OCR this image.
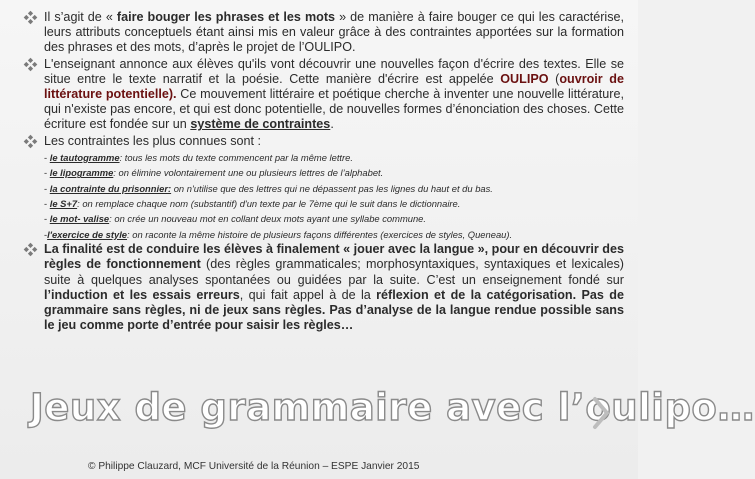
Il s’agit de « faire bouger les phrases et les mots » de manière à faire bouger ce qui les caractérise, leurs attributs conceptuels étant ainsi mis en valeur grâce à des contraintes apportées sur la formation des phrases et des mots, d’après le projet de l’OULIPO.

L'enseignant annonce aux élèves qu'ils vont découvrir une nouvelles façon d'écrire des textes. Elle se situe entre le texte narratif et la poésie. Cette manière d'écrire est appelée OULIPO (ouvroir de littérature potentielle). Ce mouvement littéraire et poétique cherche à inventer une nouvelle littérature, qui n'existe pas encore, et qui est donc potentielle, de nouvelles formes d’énonciation des choses. Cette écriture est fondée sur un système de contraintes.

Les contraintes les plus connues sont :

- le tautogramme: tous les mots du texte commencent par la même lettre.
- le lipogramme: on élimine volontairement une ou plusieurs lettres de l’alphabet.
- la contrainte du prisonnier: on n'utilise que des lettres qui ne dépassent pas les lignes du haut et du bas.
- le S+7: on remplace chaque nom (substantif) d'un texte par le 7ème qui le suit dans le dictionnaire.
- le mot- valise: on crée un nouveau mot en collant deux mots ayant une syllabe commune.
-l'exercice de style: on raconte la même histoire de plusieurs façons différentes (exercices de styles, Queneau).

La finalité est de conduire les élèves à finalement « jouer avec la langue », pour en découvrir des règles de fonctionnement (des règles grammaticales; morphosyntaxiques, syntaxiques et lexicales) suite à quelques analyses spontanées ou guidées par la suite. C’est un enseignement fondé sur l’induction et les essais erreurs, qui fait appel à de la réflexion et de la catégorisation. Pas de grammaire sans règles, ni de jeux sans règles. Pas d’analyse de la langue rendue possible sans le jeu comme porte d’entrée pour saisir les règles…

Jeux de grammaire avec l’oulipo…
© Philippe Clauzard, MCF Université de la Réunion – ESPE Janvier 2015
